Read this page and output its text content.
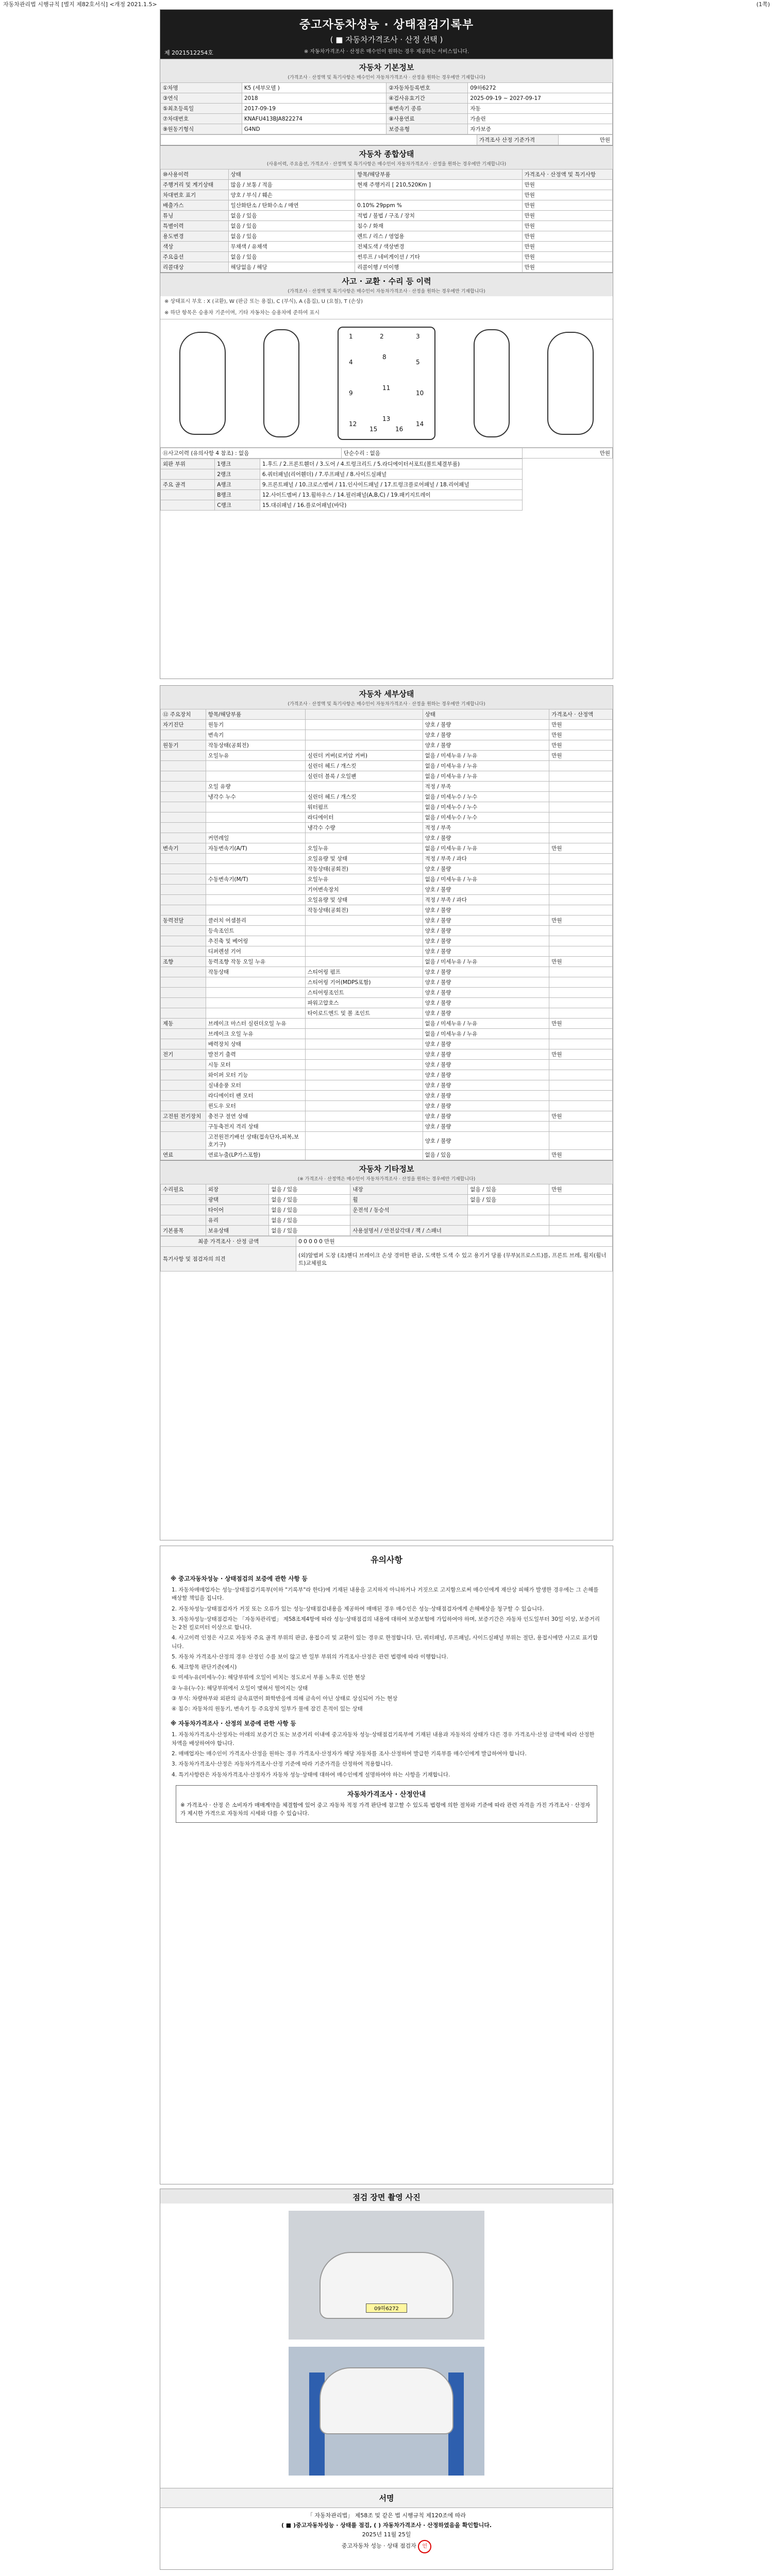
자동차관리법 시행규칙 [별지 제82호서식] <개정 2021.1.5>	(1쪽)
중고자동차성능 · 상태점검기록부
( ■ 자동차가격조사 · 산정 선택 )
※ 자동차가격조사 · 산정은 매수인이 원하는 경우 제공하는 서비스입니다.
제 2021512254호
자동차 기본정보
(가격조사 · 산정액 및 특기사항은 매수인이 자동차가격조사 · 산정을 원하는 경우에만 기재합니다)
①차명	K5 (세부모델 )	②자동차등록번호	09하6272
③연식	2018	④검사유효기간	2025-09-19 ~ 2027-09-17
⑤최초등록일	2017-09-19	⑥변속기 종류	자동
⑦차대번호	KNAFU413BJA822274	⑧사용연료	가솔린
⑨원동기형식	G4ND	보증유형	자가보증
	가격조사 산정 기준가격	만원
자동차 종합상태
(사용이력, 주요옵션, 가격조사 · 산정액 및 특기사항은 매수인이 자동차가격조사 · 산정을 원하는 경우에만 기재합니다)
⑩사용이력	상태	항목/해당부품	가격조사 · 산정액 및 특기사항
주행거리 및 계기상태	많음 / 보통 / 적음	현재 주행거리 [ 210,520Km ]	만원
차대번호 표기	양호 / 부식 / 훼손		만원
배출가스	일산화탄소 / 탄화수소 / 매연	0.10% 29ppm %	만원
튜닝	없음 / 있음	적법 / 불법 / 구조 / 장치	만원
특별이력	없음 / 있음	침수 / 화재	만원
용도변경	없음 / 있음	렌트 / 리스 / 영업용	만원
색상	무채색 / 유채색	전체도색 / 색상변경	만원
주요옵션	없음 / 있음	썬루프 / 네비게이션 / 기타	만원
리콜대상	해당없음 / 해당	리콜이행 / 미이행	만원
사고 · 교환 · 수리 등 이력
(가격조사 · 산정액 및 특기사항은 매수인이 자동차가격조사 · 산정을 원하는 경우에만 기재합니다)
※ 상태표시 부호 : X (교환), W (판금 또는 용접), C (부식), A (흠집), U (요철), T (손상)
※ 하단 항목은 승용차 기준이며, 기타 자동차는 승용차에 준하여 표시
1	2	3
4	5
8
9	10
11
12
13
14
15	16
⑪사고이력 (유의사항 4 참조) : 없음	단순수리 : 없음	만원
외판 부위	1랭크	1.후드 / 2.프론트휀더 / 3.도어 / 4.트렁크리드 / 5.라디에이터서포트(볼트체결부품)
	2랭크	6.쿼터패널(리어휀더) / 7.루프패널 / 8.사이드실패널
주요 골격	A랭크	9.프론트패널 / 10.크로스멤버 / 11.인사이드패널 / 17.트렁크플로어패널 / 18.리어패널
	B랭크	12.사이드멤버 / 13.휠하우스 / 14.필러패널(A,B,C) / 19.패키지트레이
	C랭크	15.대쉬패널 / 16.플로어패널(바닥)
자동차 세부상태
(가격조사 · 산정액 및 특기사항은 매수인이 자동차가격조사 · 산정을 원하는 경우에만 기재합니다)
⑫ 주요장치	항목/해당부품		상태	가격조사 · 산정액
자기진단	원동기		양호 / 불량	만원
	변속기		양호 / 불량	만원
원동기	작동상태(공회전)		양호 / 불량	만원
	오일누유	실린더 커버(로커암 커버)	없음 / 미세누유 / 누유	만원
		실린더 헤드 / 개스킷	없음 / 미세누유 / 누유	
		실린더 블록 / 오일팬	없음 / 미세누유 / 누유	
	오일 유량		적정 / 부족	
	냉각수 누수	실린더 헤드 / 개스킷	없음 / 미세누수 / 누수	
		워터펌프	없음 / 미세누수 / 누수	
		라디에이터	없음 / 미세누수 / 누수	
		냉각수 수량	적정 / 부족	
	커먼레일		양호 / 불량	
변속기	자동변속기(A/T)	오일누유	없음 / 미세누유 / 누유	만원
		오일유량 및 상태	적정 / 부족 / 과다	
		작동상태(공회전)	양호 / 불량	
	수동변속기(M/T)	오일누유	없음 / 미세누유 / 누유	
		기어변속장치	양호 / 불량	
		오일유량 및 상태	적정 / 부족 / 과다	
		작동상태(공회전)	양호 / 불량	
동력전달	클러치 어셈블리		양호 / 불량	만원
	등속조인트		양호 / 불량	
	추진축 및 베어링		양호 / 불량	
	디퍼렌셜 기어		양호 / 불량	
조향	동력조향 작동 오일 누유		없음 / 미세누유 / 누유	만원
	작동상태	스티어링 펌프	양호 / 불량	
		스티어링 기어(MDPS포함)	양호 / 불량	
		스티어링조인트	양호 / 불량	
		파워고압호스	양호 / 불량	
		타이로드엔드 및 볼 조인트	양호 / 불량	
제동	브레이크 마스터 실린더오일 누유		없음 / 미세누유 / 누유	만원
	브레이크 오일 누유		없음 / 미세누유 / 누유	
	배력장치 상태		양호 / 불량	
전기	발전기 출력		양호 / 불량	만원
	시동 모터		양호 / 불량	
	와이퍼 모터 기능		양호 / 불량	
	실내송풍 모터		양호 / 불량	
	라디에이터 팬 모터		양호 / 불량	
	윈도우 모터		양호 / 불량	
고전원 전기장치	충전구 절연 상태		양호 / 불량	만원
	구동축전지 격리 상태		양호 / 불량	
	고전원전기배선 상태(접속단자,피복,보호기구)		양호 / 불량	
연료	연료누출(LP가스포함)		없음 / 있음	만원
자동차 기타정보
(※ 가격조사 · 산정액은 매수인이 자동차가격조사 · 산정을 원하는 경우에만 기재합니다)
수리필요	외장	없음 / 있음	내장	없음 / 있음	만원
	광택	없음 / 있음	휠	없음 / 있음	
	타이어	없음 / 있음	운전석 / 동승석		
	유리	없음 / 있음			
기본품목	보유상태	없음 / 있음	사용설명서 / 안전삼각대 / 잭 / 스패너		
최종 가격조사 · 산정 금액	0 0 0 0 0 만원
특기사항 및 점검자의 의견	(외)앞범퍼 도장 (조)핸디 브레이크 손상 경미한 판금, 도색한 도색 수 있고 용기거 당품 (무부)(프로스트)를, 프론트 브레, 휠지(휠너트)교체필요
유의사항
※ 중고자동차성능 · 상태점검의 보증에 관한 사항 등

1. 자동차매매업자는 성능·상태점검기록부(이하 "기록부"라 한다)에 기재된 내용을 고지하지 아니하거나 거짓으로 고지함으로써 매수인에게 재산상 피해가 발생한 경우에는 그 손해를 배상할 책임을 집니다.

2. 자동차성능·상태점검자가 거짓 또는 오류가 있는 성능·상태점검내용을 제공하여 매매된 경우 매수인은 성능·상태점검자에게 손해배상을 청구할 수 있습니다.

3. 자동차성능·상태점검자는 「자동차관리법」 제58조제4항에 따라 성능·상태점검의 내용에 대하여 보증보험에 가입하여야 하며, 보증기간은 자동차 인도일부터 30일 이상, 보증거리는 2천 킬로미터 이상으로 합니다.

4. 사고이력 인정은 사고로 자동차 주요 골격 부위의 판금, 용접수리 및 교환이 있는 경우로 한정합니다. 단, 쿼터패널, 루프패널, 사이드실패널 부위는 절단, 용접시에만 사고로 표기합니다.

5. 자동차 가격조사·산정의 경우 산정인 수를 보이 않고 반 일부 부위의 가격조사·산정은 관련 법령에 따라 이행합니다.

6. 체크항목 판단기준(예시)

① 미세누유(미세누수): 해당부위에 오일이 비치는 정도로서 부품 노후로 인한 현상

② 누유(누수): 해당부위에서 오일이 맺혀서 떨어지는 상태

③ 부식: 차량하부와 외판의 금속표면이 화학반응에 의해 금속이 아닌 상태로 상실되어 가는 현상

④ 침수: 자동차의 원동기, 변속기 등 주요장치 일부가 물에 잠긴 흔적이 있는 상태

※ 자동차가격조사 · 산정의 보증에 관한 사항 등

1. 자동차가격조사·산정자는 아래의 보증기간 또는 보증거리 이내에 중고자동차 성능·상태점검기록부에 기재된 내용과 자동차의 상태가 다른 경우 가격조사·산정 금액에 따라 산정한 차액을 배상하여야 합니다.

2. 매매업자는 매수인이 가격조사·산정을 원하는 경우 가격조사·산정자가 해당 자동차를 조사·산정하여 발급한 기록부를 매수인에게 발급하여야 합니다.

3. 자동차가격조사·산정은 자동차가격조사·산정 기준에 따라 기준가격을 산정하여 적용합니다.

4. 특기사항란은 자동차가격조사·산정자가 자동차 성능·상태에 대하여 매수인에게 설명하여야 하는 사항을 기재합니다.

자동차가격조사 · 산정안내
※ 가격조사 · 산정 은 소비자가 매매계약을 체결함에 있어 중고 자동차 적정 가격 판단에 참고할 수 있도록 법령에 의한 절차와 기준에 따라 관련 자격을 가진 가격조사 · 산정자가 제시한 가격으로 자동차의 시세와 다를 수 있습니다.
점검 장면 촬영 사진
09하6272
서명
「 자동차관리법」 제58조 및 같은 법 시행규칙 제120조에 따라
( ■ )중고자동차성능 · 상태를 점검, ( ) 자동차가격조사 · 산정하였음을 확인합니다.
2025년 11월 25일
중고자동차 성능 · 상태 점검자 인
